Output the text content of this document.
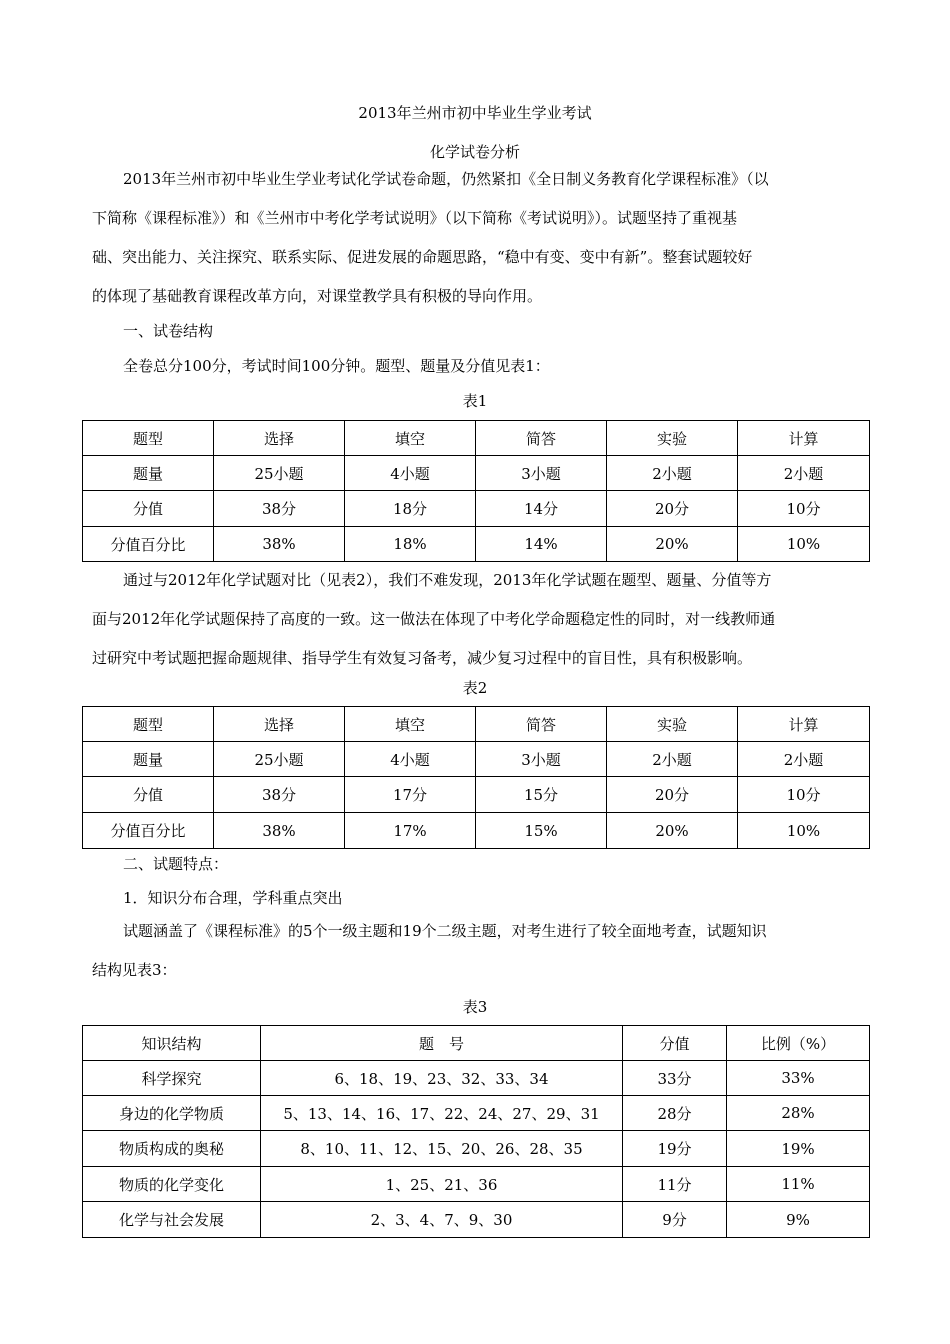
2013年兰州市初中毕业生学业考试
化学试卷分析
2013年兰州市初中毕业生学业考试化学试卷命题，仍然紧扣《全日制义务教育化学课程标准》（以
下简称《课程标准》）和《兰州市中考化学考试说明》（以下简称《考试说明》）。试题坚持了重视基
础、突出能力、关注探究、联系实际、促进发展的命题思路，“稳中有变、变中有新”。整套试题较好
的体现了基础教育课程改革方向，对课堂教学具有积极的导向作用。
一、试卷结构
全卷总分100分，考试时间100分钟。题型、题量及分值见表1：
表1
题型	选择	填空	简答	实验	计算
题量	25小题	4小题	3小题	2小题	2小题
分值	38分	18分	14分	20分	10分
分值百分比	38%	18%	14%	20%	10%
通过与2012年化学试题对比（见表2），我们不难发现，2013年化学试题在题型、题量、分值等方
面与2012年化学试题保持了高度的一致。这一做法在体现了中考化学命题稳定性的同时，对一线教师通
过研究中考试题把握命题规律、指导学生有效复习备考，减少复习过程中的盲目性，具有积极影响。
表2
题型	选择	填空	简答	实验	计算
题量	25小题	4小题	3小题	2小题	2小题
分值	38分	17分	15分	20分	10分
分值百分比	38%	17%	15%	20%	10%
二、试题特点：
1．知识分布合理，学科重点突出
试题涵盖了《课程标准》的5个一级主题和19个二级主题，对考生进行了较全面地考查，试题知识
结构见表3：
表3
知识结构	题　号	分值	比例（%）
科学探究	6、18、19、23、32、33、34	33分	33%
身边的化学物质	5、13、14、16、17、22、24、27、29、31	28分	28%
物质构成的奥秘	8、10、11、12、15、20、26、28、35	19分	19%
物质的化学变化	1、25、21、36	11分	11%
化学与社会发展	2、3、4、7、9、30	9分	9%
